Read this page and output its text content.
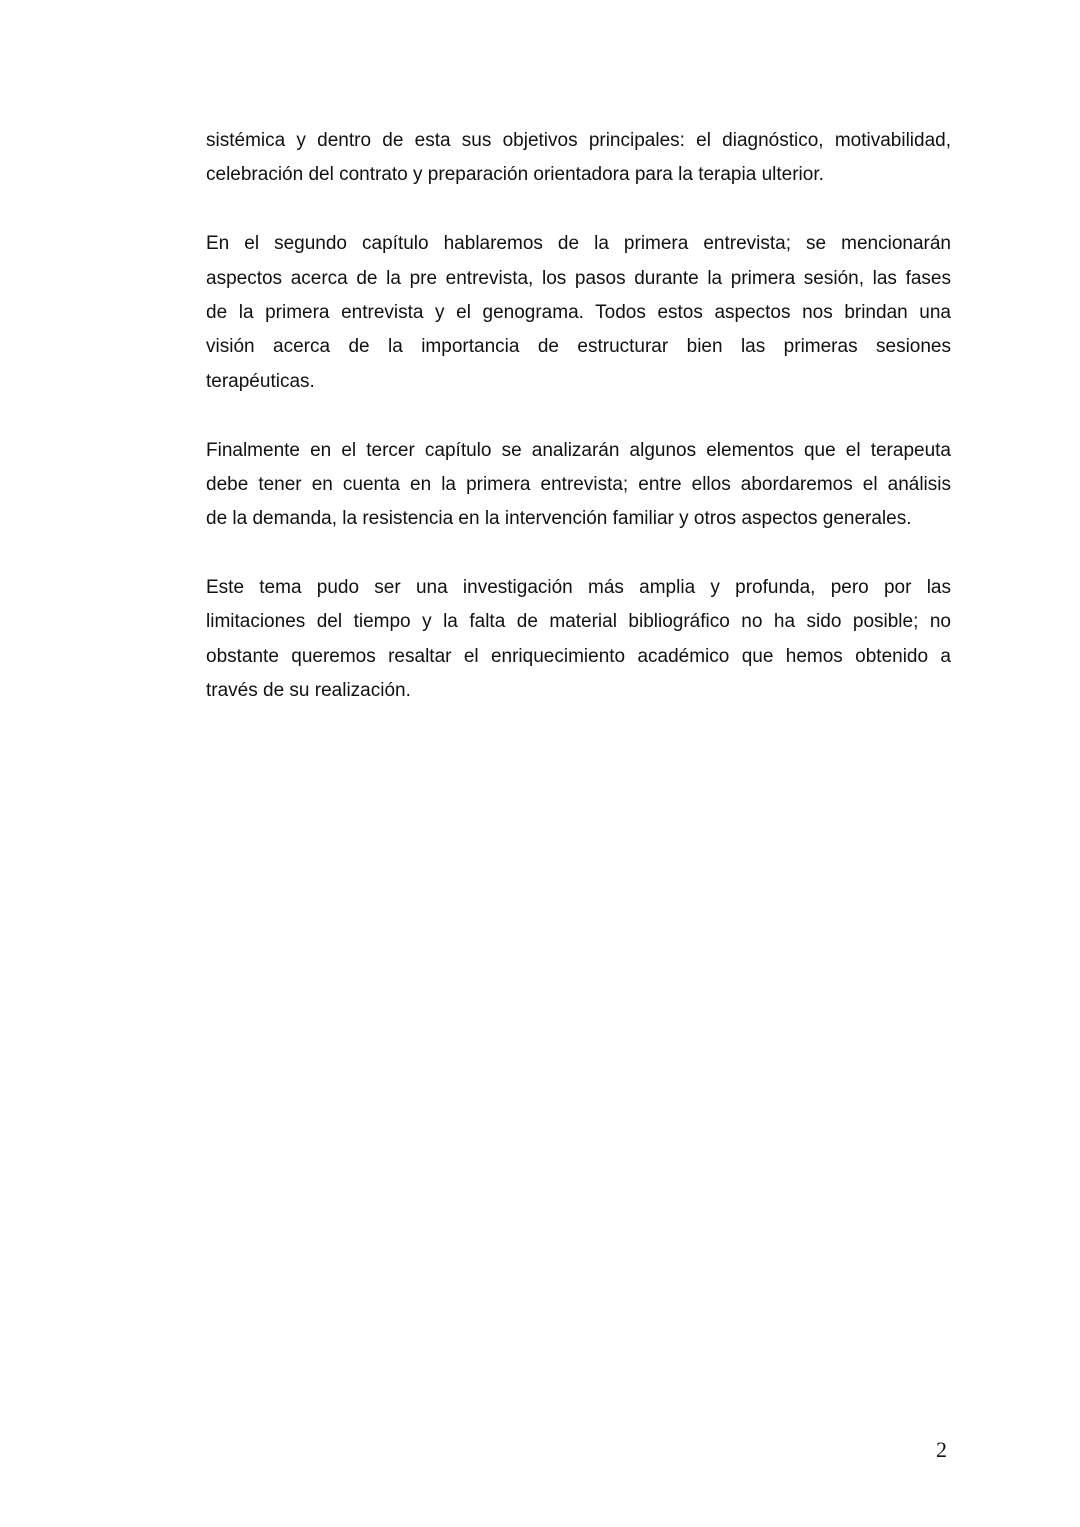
sistémica y dentro de esta sus objetivos principales: el diagnóstico, motivabilidad,
celebración del contrato y preparación orientadora para la terapia ulterior.
En el segundo capítulo hablaremos de la primera entrevista; se mencionarán
aspectos acerca de la pre entrevista, los pasos durante la primera sesión, las fases
de la primera entrevista y el genograma. Todos estos aspectos nos brindan una
visión acerca de la importancia de estructurar bien las primeras sesiones
terapéuticas.
Finalmente en el tercer capítulo se analizarán algunos elementos que el terapeuta
debe tener en cuenta en la primera entrevista; entre ellos abordaremos el análisis
de la demanda, la resistencia en la intervención familiar y otros aspectos generales.
Este tema pudo ser una investigación más amplia y profunda, pero por las
limitaciones del tiempo y la falta de material bibliográfico no ha sido posible; no
obstante queremos resaltar el enriquecimiento académico que hemos obtenido a
través de su realización.
2
